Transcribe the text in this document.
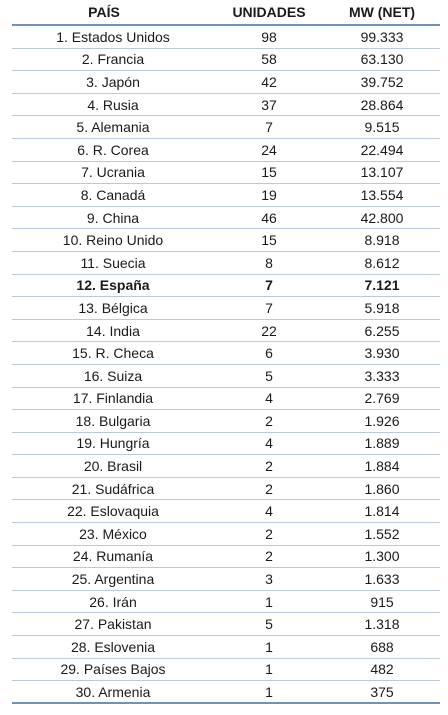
PAÍS	UNIDADES	MW (NET)
1. Estados Unidos	98	99.333
2. Francia	58	63.130
3. Japón	42	39.752
4. Rusia	37	28.864
5. Alemania	7	9.515
6. R. Corea	24	22.494
7. Ucrania	15	13.107
8. Canadá	19	13.554
9. China	46	42.800
10. Reino Unido	15	8.918
11. Suecia	8	8.612
12. España	7	7.121
13. Bélgica	7	5.918
14. India	22	6.255
15. R. Checa	6	3.930
16. Suiza	5	3.333
17. Finlandia	4	2.769
18. Bulgaria	2	1.926
19. Hungría	4	1.889
20. Brasil	2	1.884
21. Sudáfrica	2	1.860
22. Eslovaquia	4	1.814
23. México	2	1.552
24. Rumanía	2	1.300
25. Argentina	3	1.633
26. Irán	1	915
27. Pakistan	5	1.318
28. Eslovenia	1	688
29. Países Bajos	1	482
30. Armenia	1	375
